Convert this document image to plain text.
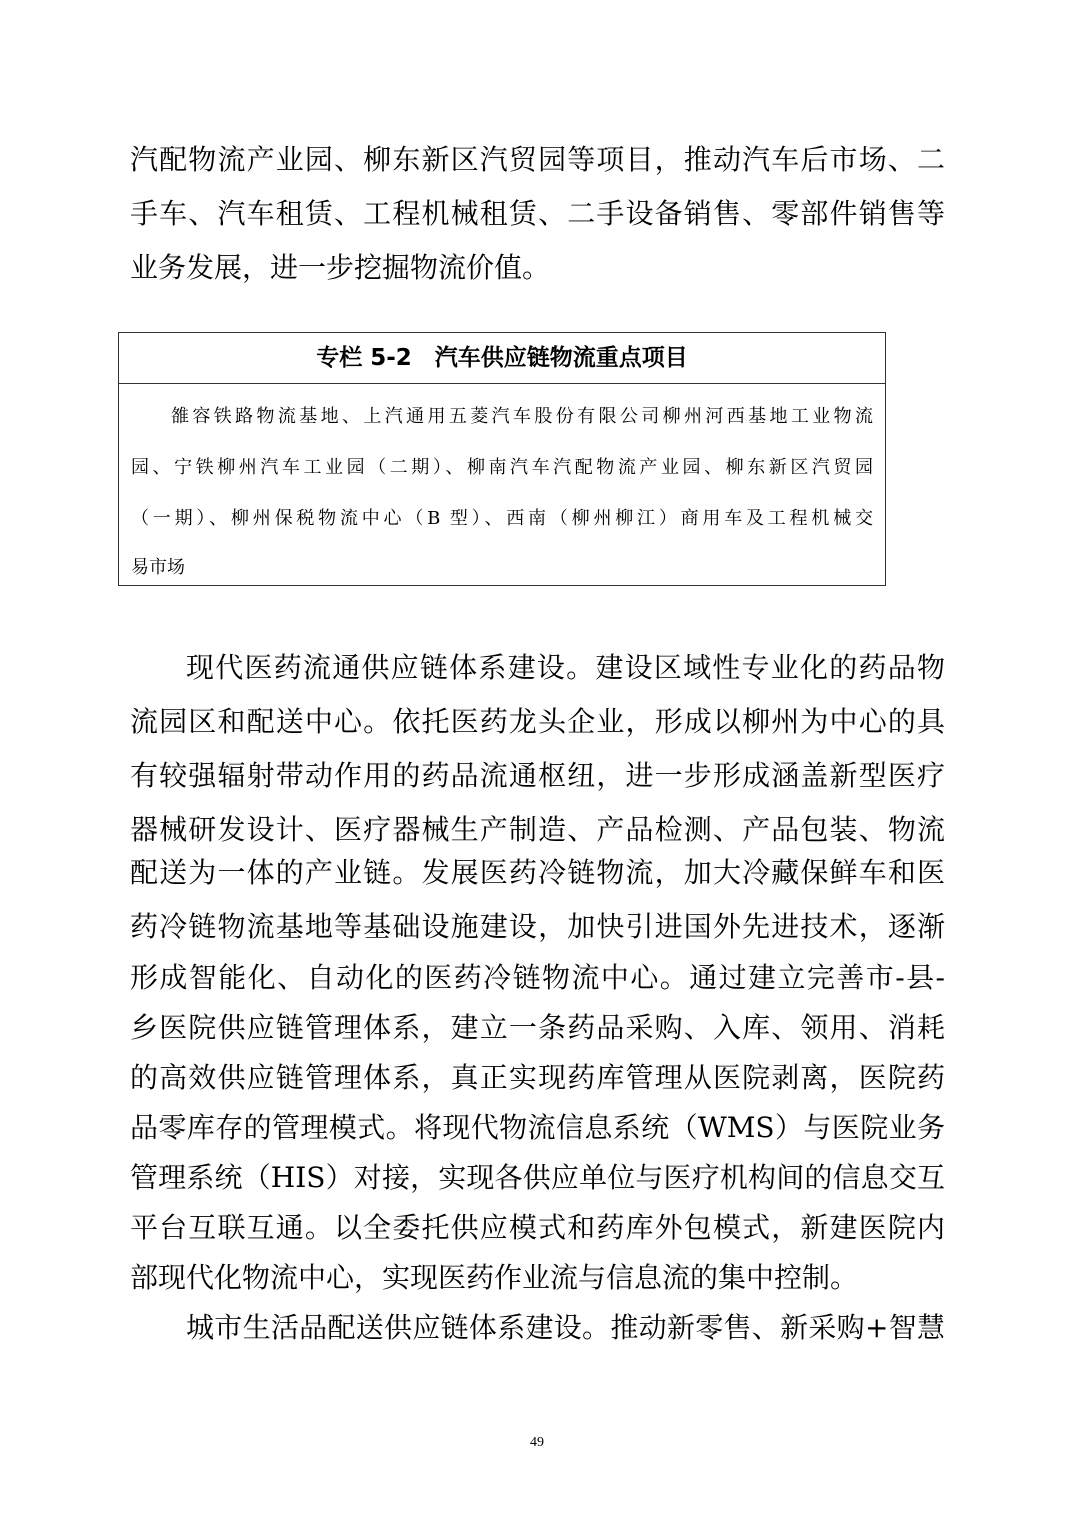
汽配物流产业园、柳东新区汽贸园等项目，推动汽车后市场、二
手车、汽车租赁、工程机械租赁、二手设备销售、零部件销售等
业务发展，进一步挖掘物流价值。
专栏 5-2　汽车供应链物流重点项目
雒容铁路物流基地、上汽通用五菱汽车股份有限公司柳州河西基地工业物流
园、宁铁柳州汽车工业园（二期）、柳南汽车汽配物流产业园、柳东新区汽贸园
（一期）、柳州保税物流中心（B 型）、西南（柳州柳江）商用车及工程机械交
易市场
现代医药流通供应链体系建设。建设区域性专业化的药品物
流园区和配送中心。依托医药龙头企业，形成以柳州为中心的具
有较强辐射带动作用的药品流通枢纽，进一步形成涵盖新型医疗
器械研发设计、医疗器械生产制造、产品检测、产品包装、物流
配送为一体的产业链。发展医药冷链物流，加大冷藏保鲜车和医
药冷链物流基地等基础设施建设，加快引进国外先进技术，逐渐
形成智能化、自动化的医药冷链物流中心。通过建立完善市-县-
乡医院供应链管理体系，建立一条药品采购、入库、领用、消耗
的高效供应链管理体系，真正实现药库管理从医院剥离，医院药
品零库存的管理模式。将现代物流信息系统（WMS）与医院业务
管理系统（HIS）对接，实现各供应单位与医疗机构间的信息交互
平台互联互通。以全委托供应模式和药库外包模式，新建医院内
部现代化物流中心，实现医药作业流与信息流的集中控制。
城市生活品配送供应链体系建设。推动新零售、新采购+智慧
49
